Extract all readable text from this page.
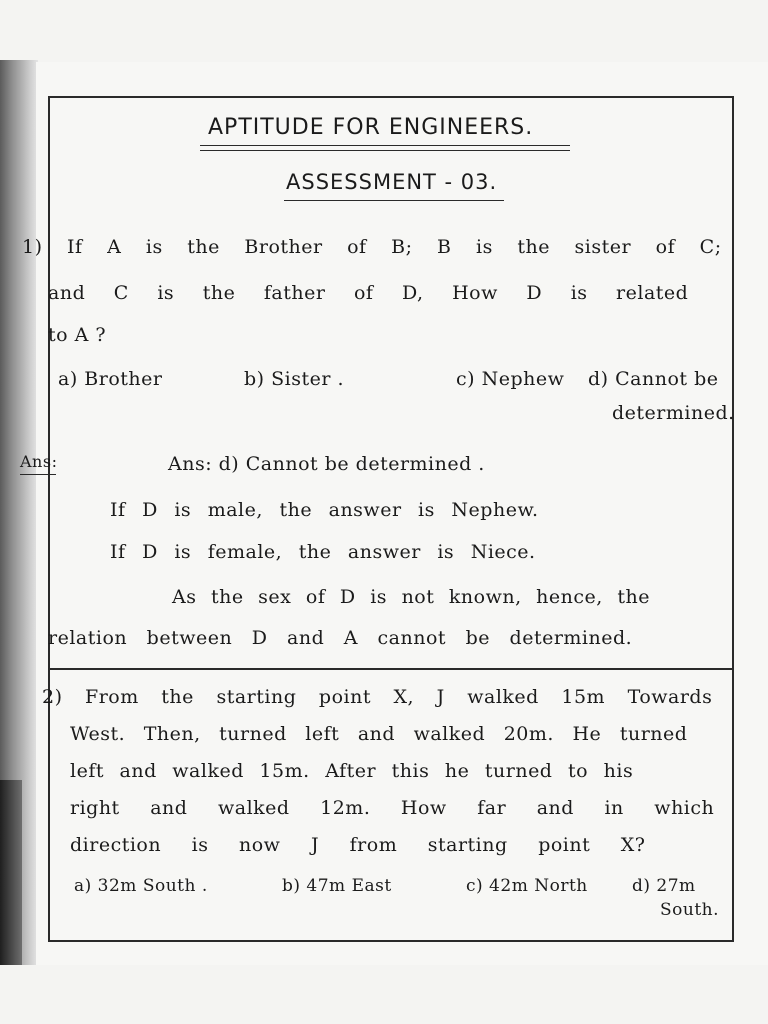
APTITUDE FOR ENGINEERS.
ASSESSMENT - 03.
1) If A is the Brother of B; B is the sister of C;
and C is the father of D, How D is related
to A ?
a) Brother	b) Sister .	c) Nephew d) Cannot be
determined.
Ans:	Ans: d) Cannot be determined .
If D is male, the answer is Nephew.
If D is female, the answer is Niece.
As the sex of D is not known, hence, the
relation between D and A cannot be determined.
2) From the starting point X, J walked 15m Towards
West. Then, turned left and walked 20m. He turned
left and walked 15m. After this he turned to his
right and walked 12m. How far and in which
direction is now J from starting point X?
a) 32m South .	b) 47m East	c) 42m North	d) 27m
South.
